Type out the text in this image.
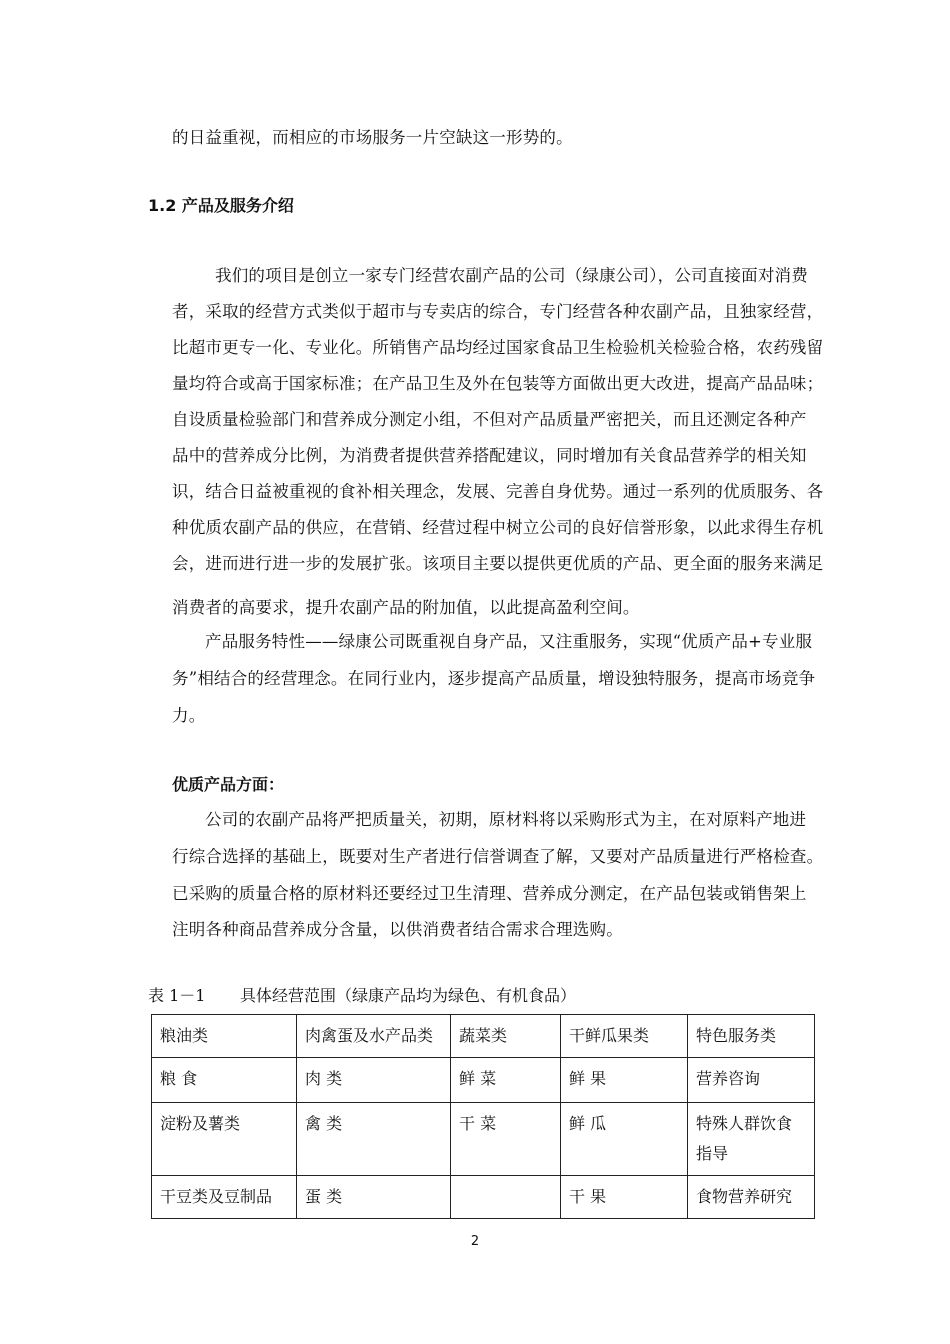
的日益重视，而相应的市场服务一片空缺这一形势的。
1.2 产品及服务介绍
我们的项目是创立一家专门经营农副产品的公司（绿康公司），公司直接面对消费
者，采取的经营方式类似于超市与专卖店的综合，专门经营各种农副产品，且独家经营，
比超市更专一化、专业化。所销售产品均经过国家食品卫生检验机关检验合格，农药残留
量均符合或高于国家标准；在产品卫生及外在包装等方面做出更大改进，提高产品品味；
自设质量检验部门和营养成分测定小组，不但对产品质量严密把关，而且还测定各种产
品中的营养成分比例，为消费者提供营养搭配建议，同时增加有关食品营养学的相关知
识，结合日益被重视的食补相关理念，发展、完善自身优势。通过一系列的优质服务、各
种优质农副产品的供应，在营销、经营过程中树立公司的良好信誉形象，以此求得生存机
会，进而进行进一步的发展扩张。该项目主要以提供更优质的产品、更全面的服务来满足
消费者的高要求，提升农副产品的附加值，以此提高盈利空间。
产品服务特性——绿康公司既重视自身产品，又注重服务，实现“优质产品+专业服
务”相结合的经营理念。在同行业内，逐步提高产品质量，增设独特服务，提高市场竞争
力。
优质产品方面：
公司的农副产品将严把质量关，初期，原材料将以采购形式为主，在对原料产地进
行综合选择的基础上，既要对生产者进行信誉调查了解，又要对产品质量进行严格检查。
已采购的质量合格的原材料还要经过卫生清理、营养成分测定，在产品包装或销售架上
注明各种商品营养成分含量，以供消费者结合需求合理选购。
表 1－1 具体经营范围（绿康产品均为绿色、有机食品）
粮油类	肉禽蛋及水产品类	蔬菜类	干鲜瓜果类	特色服务类
粮 食	肉 类	鲜 菜	鲜 果	营养咨询
淀粉及薯类	禽 类	干 菜	鲜 瓜	特殊人群饮食指导
干豆类及豆制品	蛋 类		干 果	食物营养研究
2
